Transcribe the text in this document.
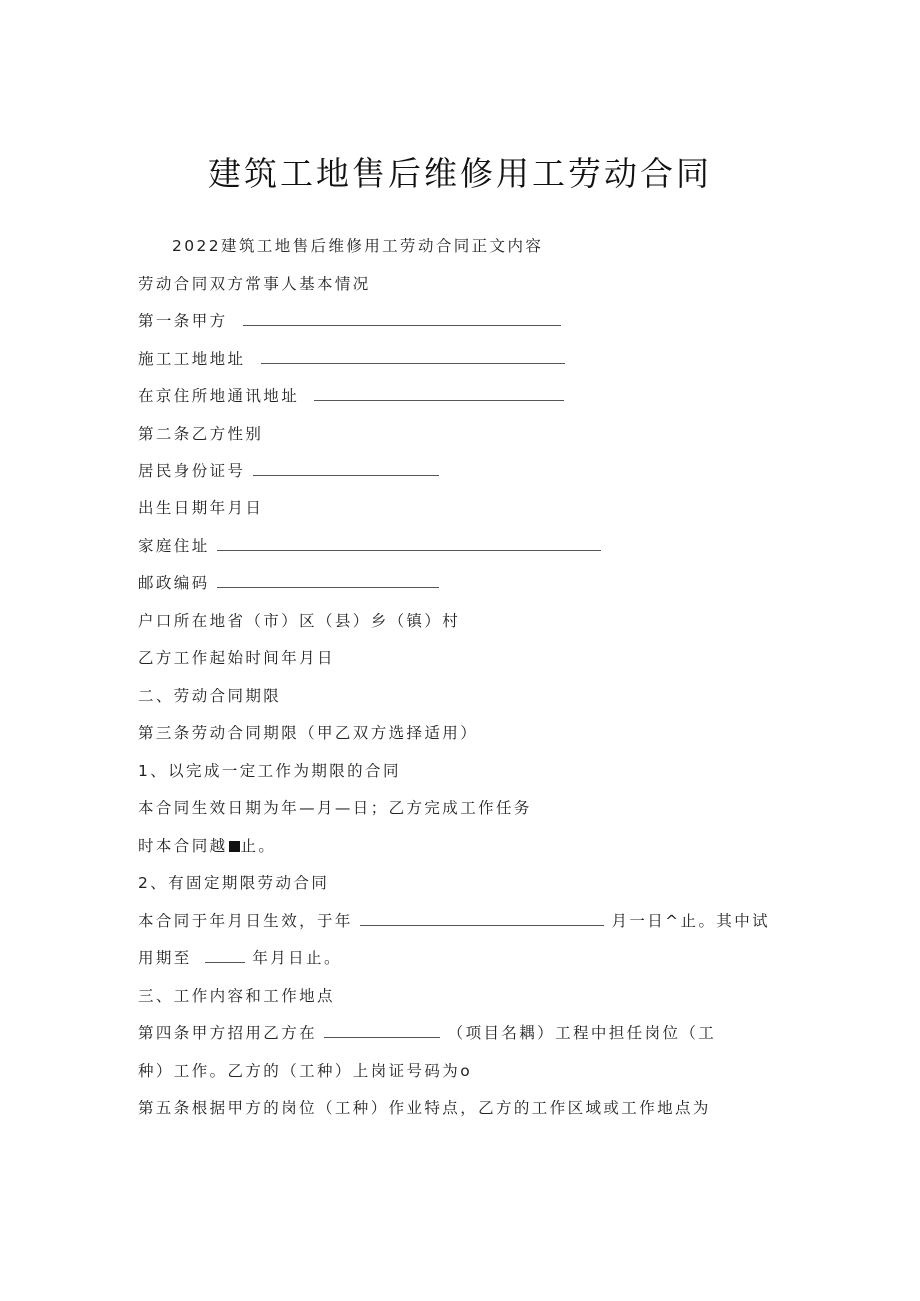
建筑工地售后维修用工劳动合同
2022建筑工地售后维修用工劳动合同正文内容
劳动合同双方常事人基本情况
第一条甲方
施工工地地址
在京住所地通讯地址
第二条乙方性别
居民身份证号
出生日期年月日
家庭住址
邮政编码
户口所在地省（市）区（县）乡（镇）村
乙方工作起始时间年月日
二、劳动合同期限
第三条劳动合同期限（甲乙双方选择适用）
1、以完成一定工作为期限的合同
本合同生效日期为年—月—日；乙方完成工作任务
时本合同越 止。
2、有固定期限劳动合同
本合同于年月日生效，于年	月一日^止。其中试
用期至	年月日止。
三、工作内容和工作地点
第四条甲方招用乙方在	（项目名耦）工程中担任岗位（工
种）工作。乙方的（工种）上岗证号码为o
第五条根据甲方的岗位（工种）作业特点，乙方的工作区域或工作地点为
